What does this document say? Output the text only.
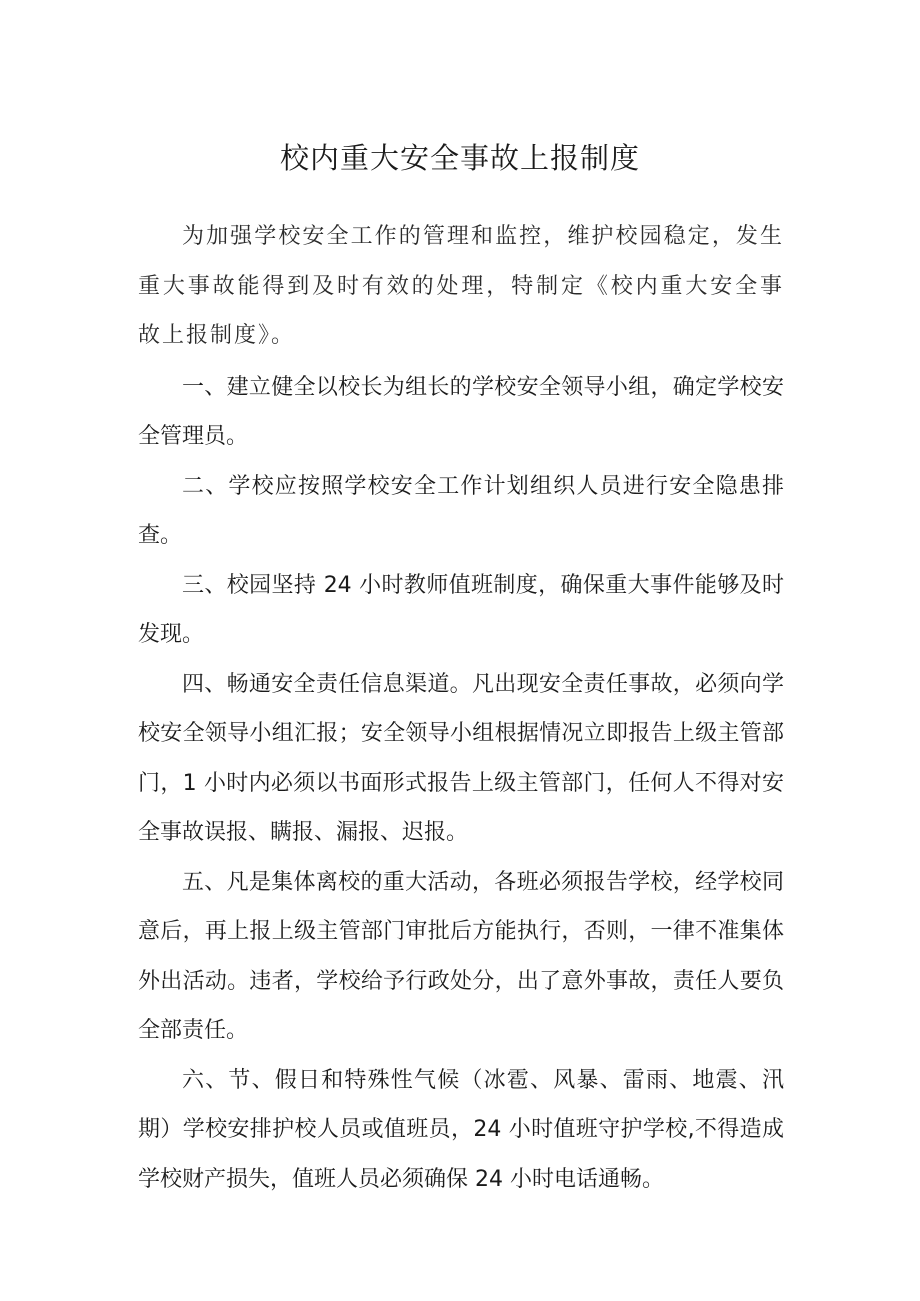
校内重大安全事故上报制度

为加强学校安全工作的管理和监控，维护校园稳定，发生重大事故能得到及时有效的处理，特制定《校内重大安全事故上报制度》。

一、建立健全以校长为组长的学校安全领导小组，确定学校安全管理员。

二、学校应按照学校安全工作计划组织人员进行安全隐患排查。

三、校园坚持 24 小时教师值班制度，确保重大事件能够及时发现。

四、畅通安全责任信息渠道。凡出现安全责任事故，必须向学校安全领导小组汇报；安全领导小组根据情况立即报告上级主管部门，1 小时内必须以书面形式报告上级主管部门，任何人不得对安全事故误报、瞒报、漏报、迟报。

五、凡是集体离校的重大活动，各班必须报告学校，经学校同意后，再上报上级主管部门审批后方能执行，否则，一律不准集体外出活动。违者，学校给予行政处分，出了意外事故，责任人要负全部责任。

六、节、假日和特殊性气候（冰雹、风暴、雷雨、地震、汛期）学校安排护校人员或值班员，24 小时值班守护学校,不得造成学校财产损失，值班人员必须确保 24 小时电话通畅。
